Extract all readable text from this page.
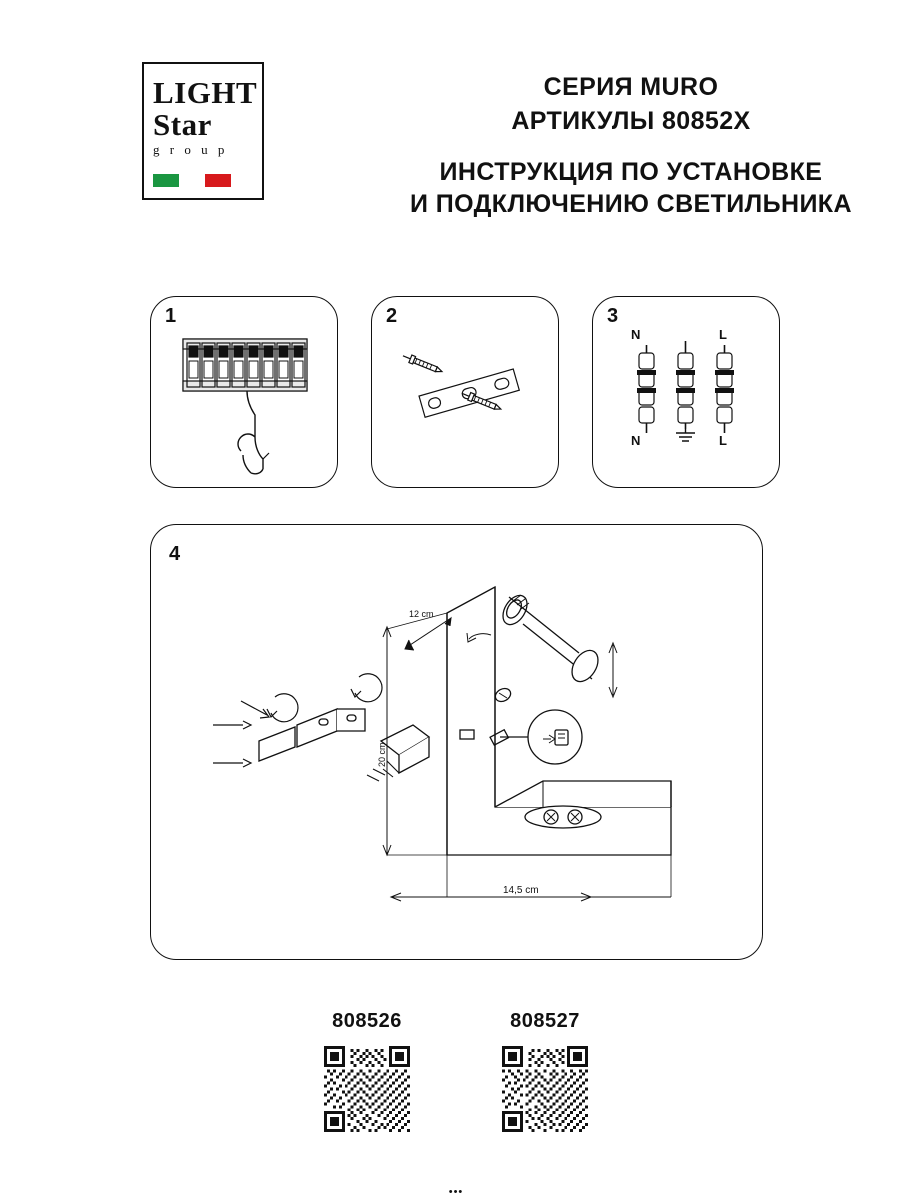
LIGHT
Star
g r o u p
СЕРИЯ MURO
АРТИКУЛЫ 80852X
ИНСТРУКЦИЯ ПО УСТАНОВКЕ
И ПОДКЛЮЧЕНИЮ СВЕТИЛЬНИКА
1	2	3
N	L
N	L
4
12 cm
20 cm
14,5 cm
808526	808527
•••
